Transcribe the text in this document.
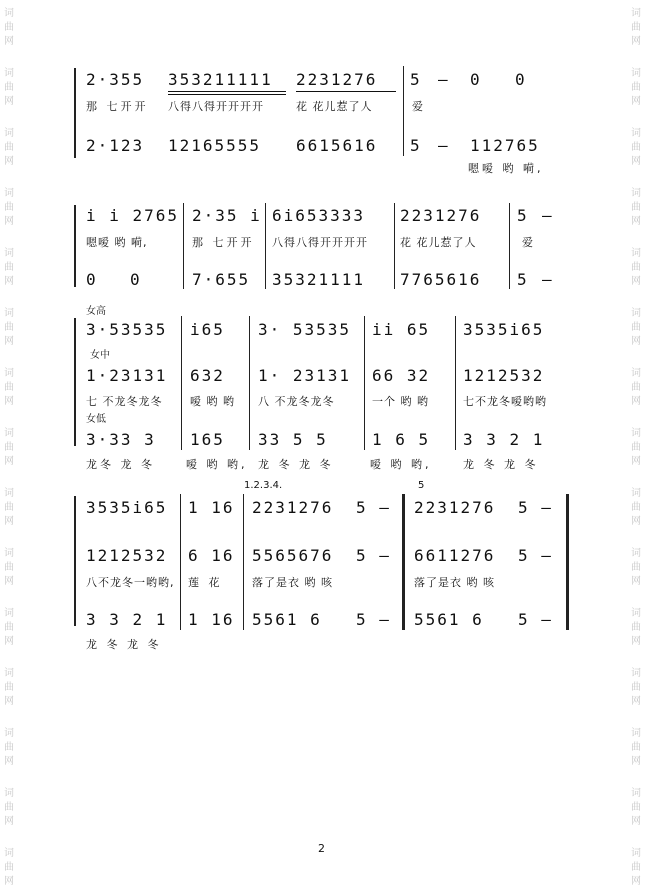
词
曲
网
词
曲
网
词
曲
网
词
曲
网
词
曲
网
词
曲
网
词
曲
网
词
曲
网
词
曲
网
词
曲
网
词
曲
网
词
曲
网
词
曲
网
词
曲
网
词
曲
网
词
曲
网
词
曲
网
词
曲
网
词
曲
网
词
曲
网
词
曲
网
词
曲
网
词
曲
网
词
曲
网
词
曲
网
词
曲
网
词
曲
网
词
曲
网
词
曲
网
词
曲
网
2·355 353211111 2231276 5 — 0 0
那 七开开 八得八得开开开开	花 花儿惹了人	爱
2·123 12165555 6615616 5 — 112765
嗯嗳 哟 嗬,
i i 2765 2·35 i 6i653333 2231276 5 —
嗯嗳 哟 嗬,	那 七开开 八得八得开开开开	花 花儿惹了人	爱
0 0	7·655 35321111 7765616 5 —
女高
3·53535 i65 3· 53535 ii 65 3535i65
女中
1·23131 632 1· 23131 66 32 1212532
七 不龙冬龙冬	嗳 哟 哟 八 不龙冬龙冬	一个 哟 哟	七不龙冬嗳哟哟
女低
3·33 3 165 33 5 5	1 6 5 3 3 2 1
龙冬 龙 冬	嗳 哟 哟, 龙 冬 龙 冬	嗳 哟 哟,	龙 冬 龙 冬
1.2.3.4.	5
3535i65 1 16 2231276 5 — 2231276 5 —
1212532 6 16 5565676 5 — 6611276 5 —
八不龙冬一哟哟, 莲 花	落了是衣 哟 咳	落了是衣 哟 咳
3 3 2 1 1 16 5561 6 5 — 5561 6 5 —
龙 冬 龙 冬
2
